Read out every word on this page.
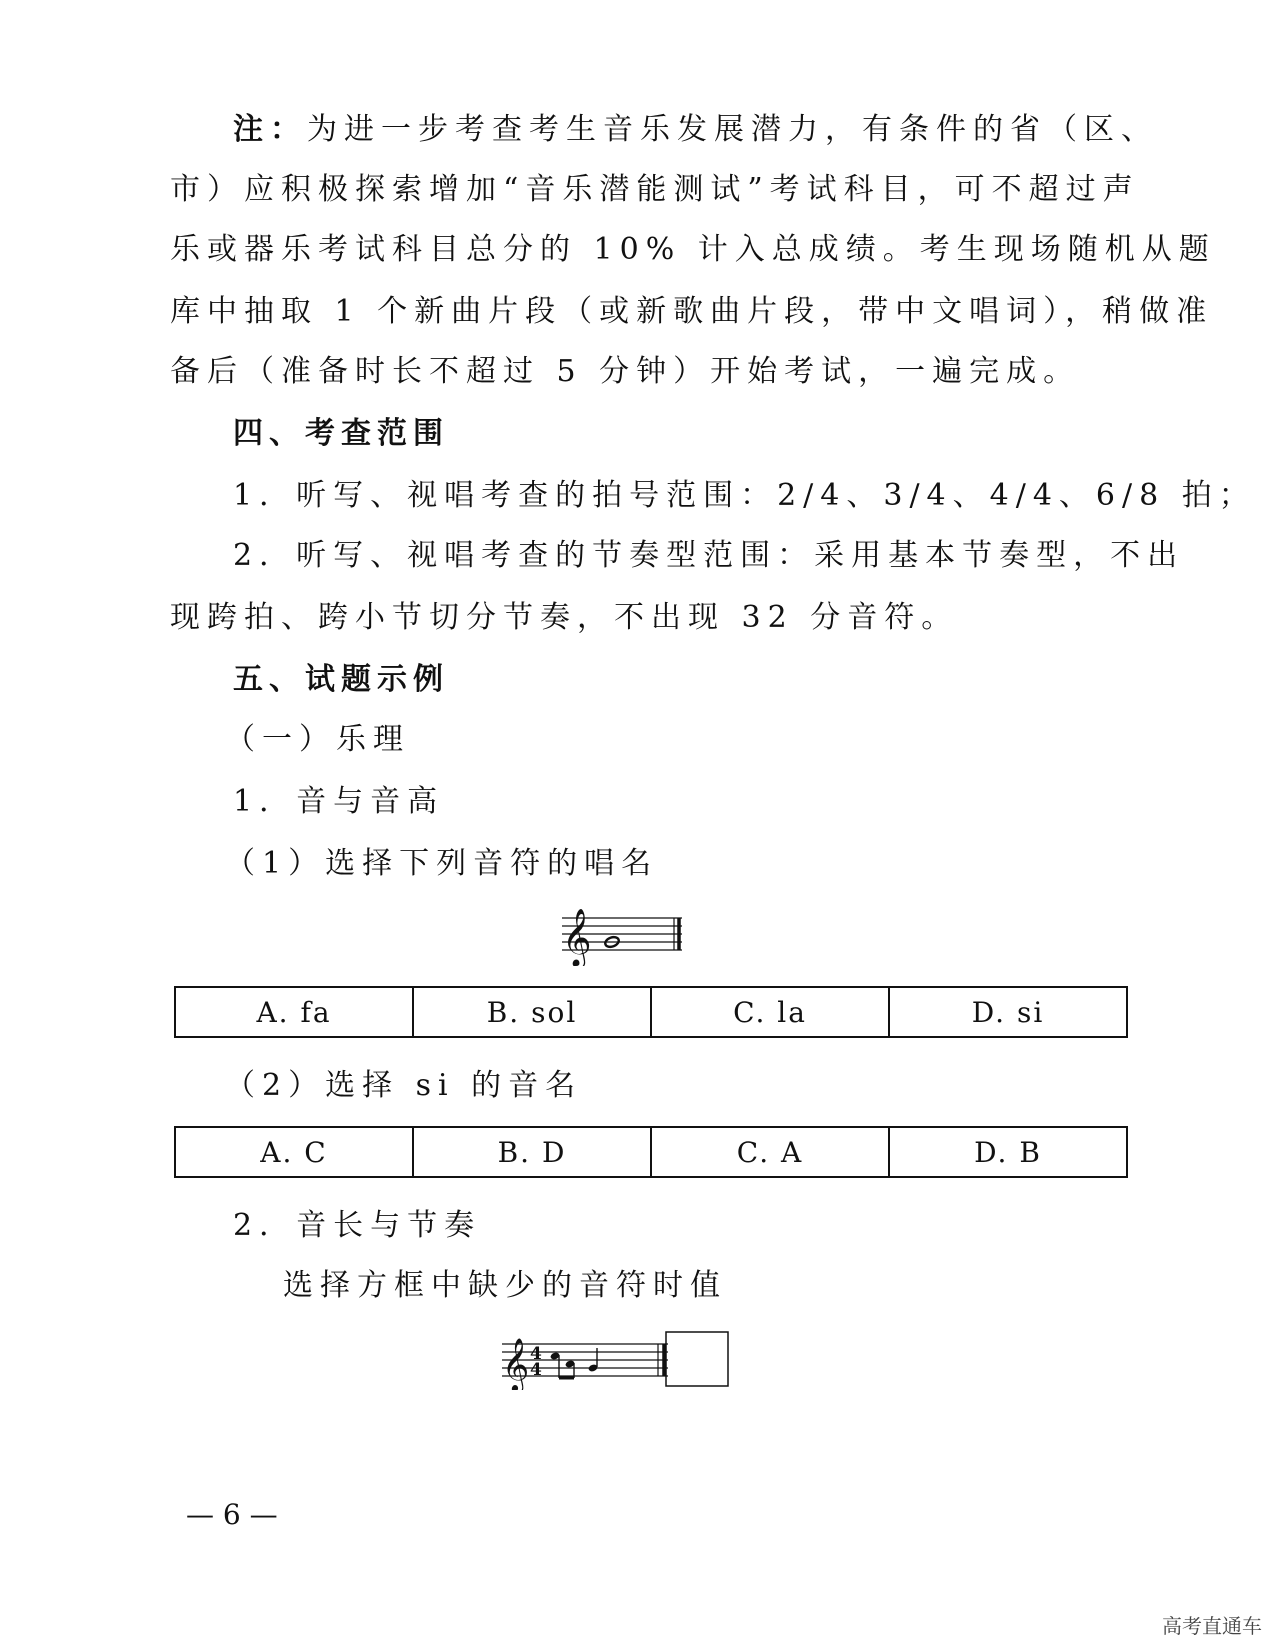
注：为进一步考查考生音乐发展潜力，有条件的省（区、
市）应积极探索增加“音乐潜能测试”考试科目，可不超过声
乐或器乐考试科目总分的 10% 计入总成绩。考生现场随机从题
库中抽取 1 个新曲片段（或新歌曲片段，带中文唱词），稍做准
备后（准备时长不超过 5 分钟）开始考试，一遍完成。
四、考查范围
1．听写、视唱考查的拍号范围：2/4、3/4、4/4、6/8 拍；
2．听写、视唱考查的节奏型范围：采用基本节奏型，不出
现跨拍、跨小节切分节奏，不出现 32 分音符。
五、试题示例
（一）乐理
1．音与音高
（1）选择下列音符的唱名
𝄞
A. fa	B. sol	C. la	D. si
（2）选择 si 的音名
A. C	B. D	C. A	D. B
2．音长与节奏
选择方框中缺少的音符时值
𝄞 4
4
— 6 —
高考直通车
